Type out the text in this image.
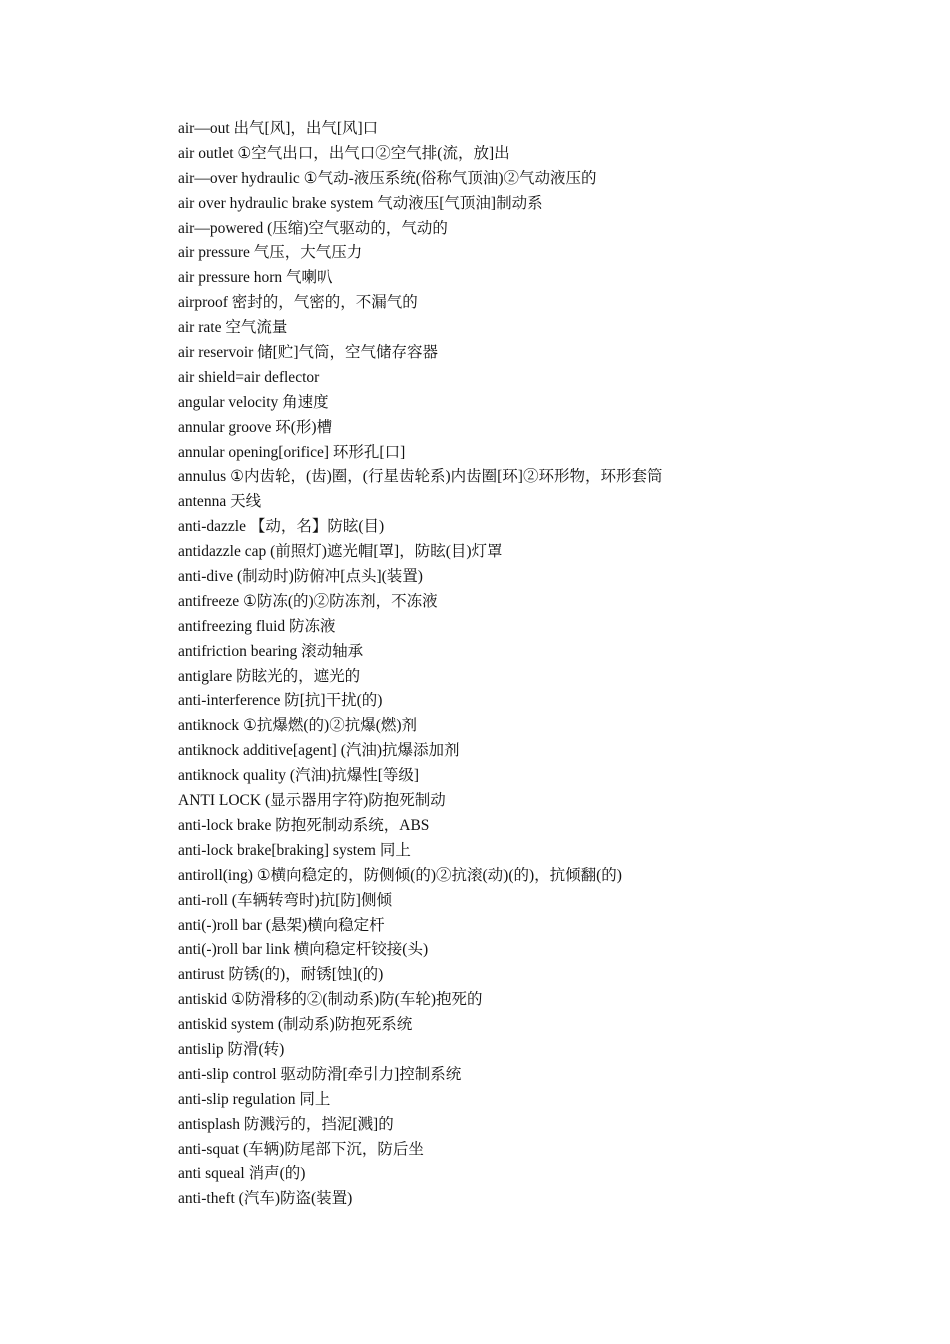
air—out 出气[风]，出气[风]口
air outlet ①空气出口，出气口②空气排(流，放]出
air—over hydraulic ①气动-液压系统(俗称气顶油)②气动液压的
air over hydraulic brake system 气动液压[气顶油]制动系
air—powered (压缩)空气驱动的，气动的
air pressure 气压，大气压力
air pressure horn 气喇叭
airproof 密封的，气密的，不漏气的
air rate 空气流量
air reservoir 储[贮]气筒，空气储存容器
air shield=air deflector
angular velocity 角速度
annular groove 环(形)槽
annular opening[orifice] 环形孔[口]
annulus ①内齿轮，(齿)圈，(行星齿轮系)内齿圈[环]②环形物，环形套筒
antenna 天线
anti-dazzle 【动，名】防眩(目)
antidazzle cap (前照灯)遮光帽[罩]，防眩(目)灯罩
anti-dive (制动时)防俯冲[点头](装置)
antifreeze ①防冻(的)②防冻剂，不冻液
antifreezing fluid 防冻液
antifriction bearing 滚动轴承
antiglare 防眩光的，遮光的
anti-interference 防[抗]干扰(的)
antiknock ①抗爆燃(的)②抗爆(燃)剂
antiknock additive[agent] (汽油)抗爆添加剂
antiknock quality (汽油)抗爆性[等级]
ANTI LOCK (显示器用字符)防抱死制动
anti-lock brake 防抱死制动系统，ABS
anti-lock brake[braking] system 同上
antiroll(ing) ①横向稳定的，防侧倾(的)②抗滚(动)(的)，抗倾翻(的)
anti-roll (车辆转弯时)抗[防]侧倾
anti(-)roll bar (悬架)横向稳定杆
anti(-)roll bar link 横向稳定杆铰接(头)
antirust 防锈(的)，耐锈[蚀](的)
antiskid ①防滑移的②(制动系)防(车轮)抱死的
antiskid system (制动系)防抱死系统
antislip 防滑(转)
anti-slip control 驱动防滑[牵引力]控制系统
anti-slip regulation 同上
antisplash 防溅污的，挡泥[溅]的
anti-squat (车辆)防尾部下沉，防后坐
anti squeal 消声(的)
anti-theft (汽车)防盗(装置)
